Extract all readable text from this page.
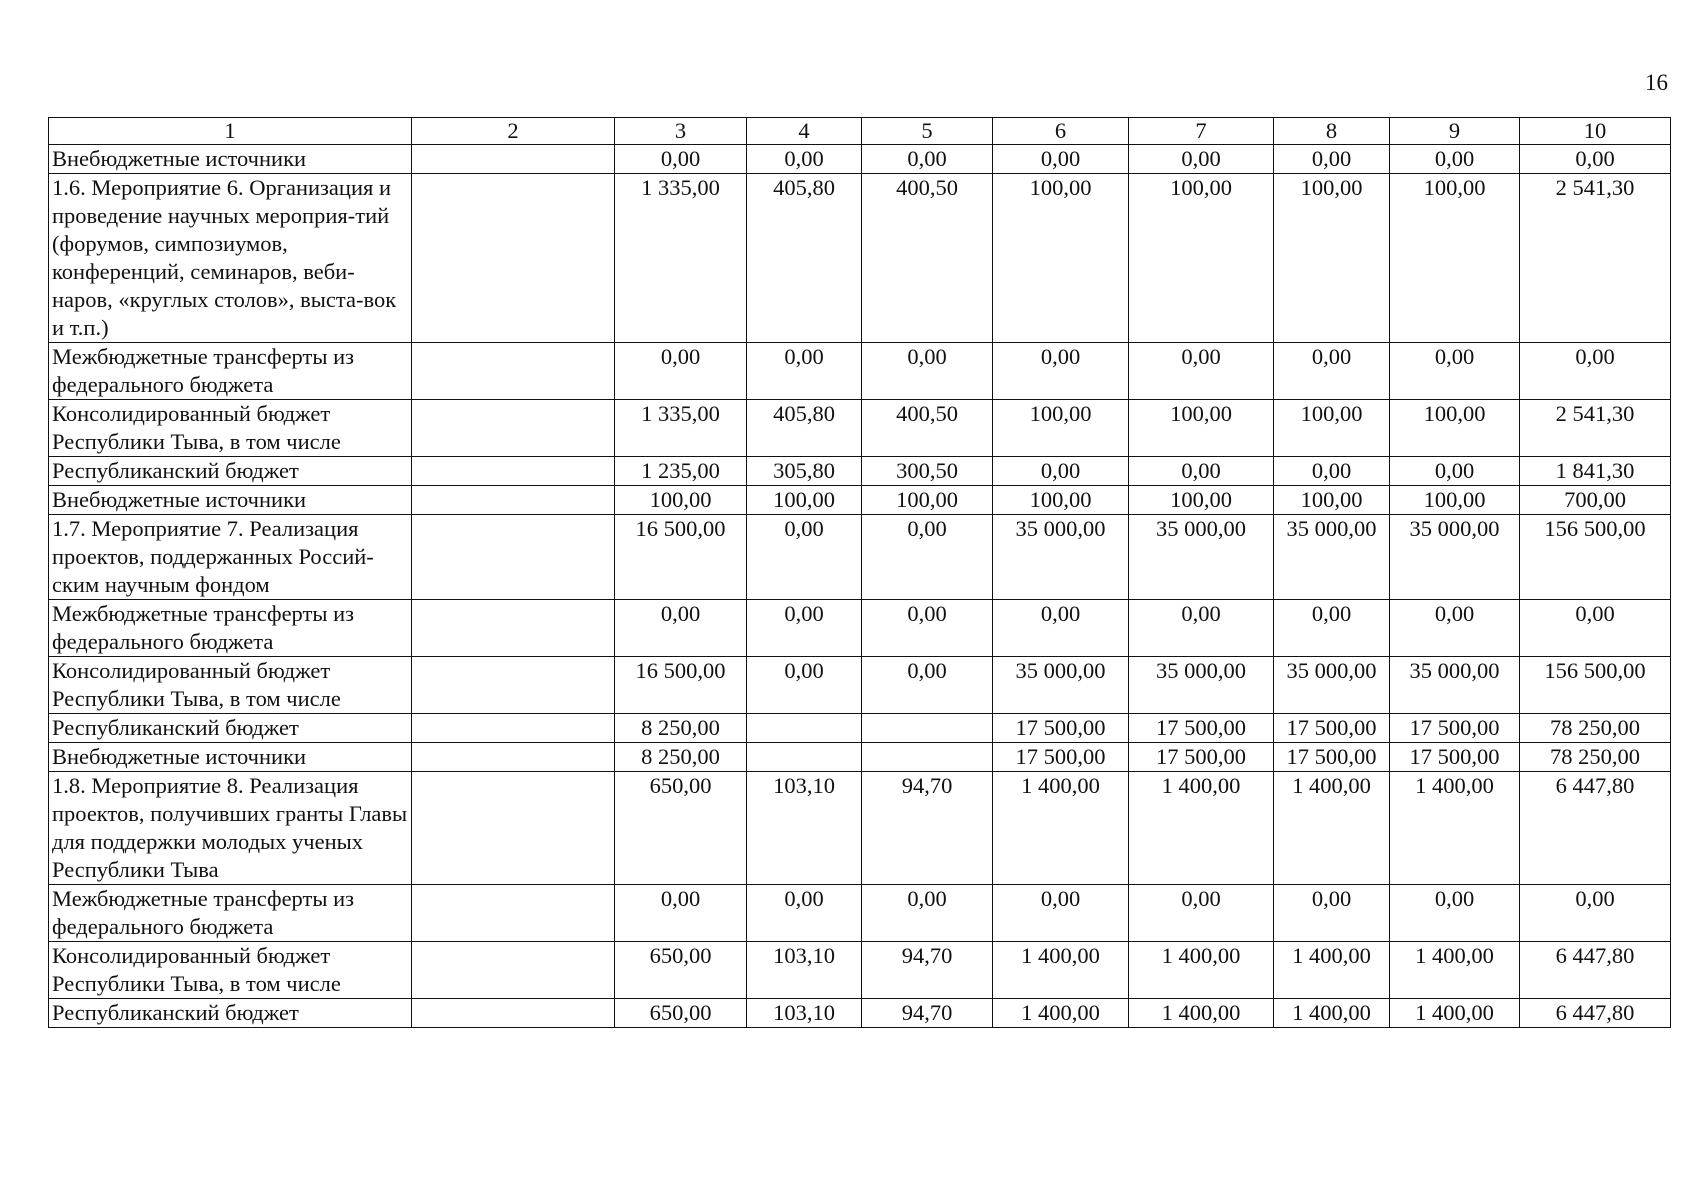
16
1	2	3	4	5	6	7	8	9	10
Внебюджетные источники		0,00	0,00	0,00	0,00	0,00	0,00	0,00	0,00
1.6. Мероприятие 6. Организация и проведение научных мероприя-тий (форумов, симпозиумов, конференций, семинаров, веби-наров, «круглых столов», выста-вок и т.п.)		1 335,00	405,80	400,50	100,00	100,00	100,00	100,00	2 541,30
Межбюджетные трансферты из федерального бюджета		0,00	0,00	0,00	0,00	0,00	0,00	0,00	0,00
Консолидированный бюджет Республики Тыва, в том числе		1 335,00	405,80	400,50	100,00	100,00	100,00	100,00	2 541,30
Республиканский бюджет		1 235,00	305,80	300,50	0,00	0,00	0,00	0,00	1 841,30
Внебюджетные источники		100,00	100,00	100,00	100,00	100,00	100,00	100,00	700,00
1.7. Мероприятие 7. Реализация проектов, поддержанных Россий-ским научным фондом		16 500,00	0,00	0,00	35 000,00	35 000,00	35 000,00	35 000,00	156 500,00
Межбюджетные трансферты из федерального бюджета		0,00	0,00	0,00	0,00	0,00	0,00	0,00	0,00
Консолидированный бюджет Республики Тыва, в том числе		16 500,00	0,00	0,00	35 000,00	35 000,00	35 000,00	35 000,00	156 500,00
Республиканский бюджет		8 250,00			17 500,00	17 500,00	17 500,00	17 500,00	78 250,00
Внебюджетные источники		8 250,00			17 500,00	17 500,00	17 500,00	17 500,00	78 250,00
1.8. Мероприятие 8. Реализация проектов, получивших гранты Главы для поддержки молодых ученых Республики Тыва		650,00	103,10	94,70	1 400,00	1 400,00	1 400,00	1 400,00	6 447,80
Межбюджетные трансферты из федерального бюджета		0,00	0,00	0,00	0,00	0,00	0,00	0,00	0,00
Консолидированный бюджет Республики Тыва, в том числе		650,00	103,10	94,70	1 400,00	1 400,00	1 400,00	1 400,00	6 447,80
Республиканский бюджет		650,00	103,10	94,70	1 400,00	1 400,00	1 400,00	1 400,00	6 447,80
